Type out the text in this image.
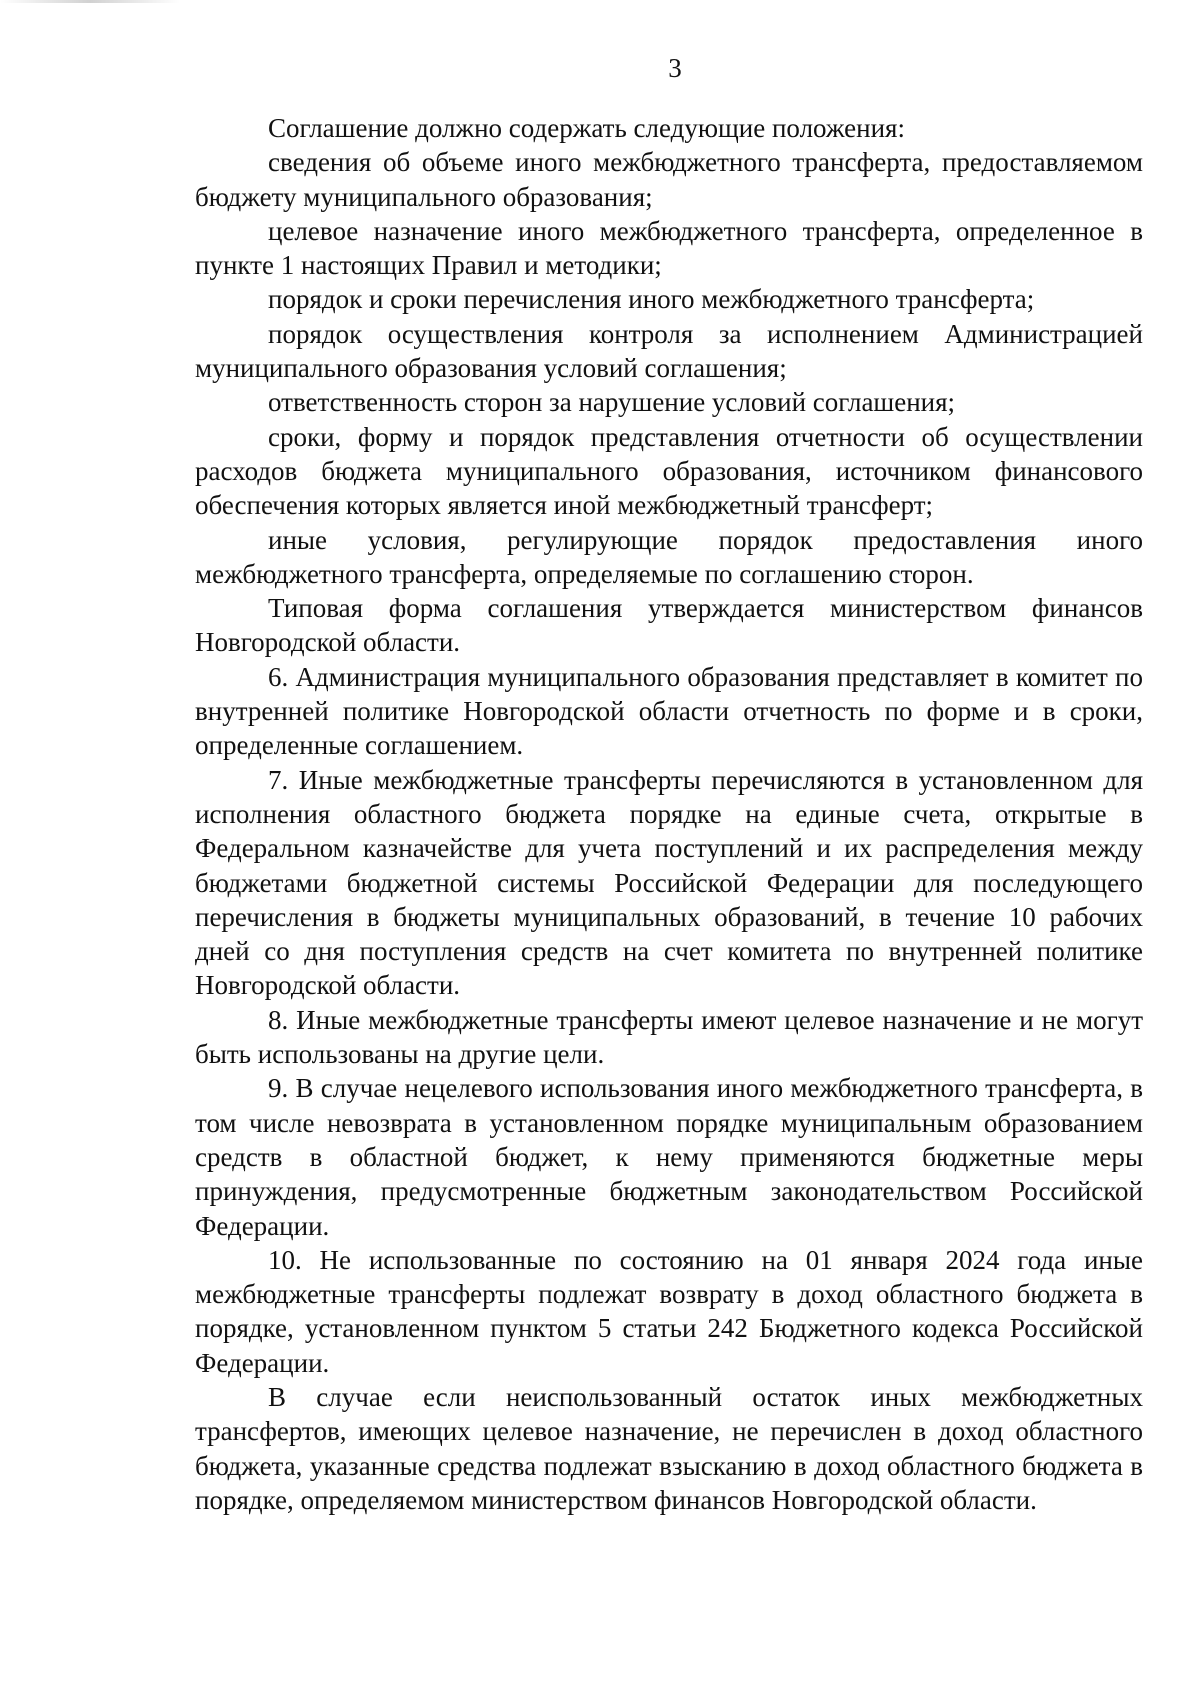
3

Соглашение должно содержать следующие положения:

сведения об объеме иного межбюджетного трансферта, предоставляемом бюджету муниципального образования;

целевое назначение иного межбюджетного трансферта, определенное в пункте 1 настоящих Правил и методики;

порядок и сроки перечисления иного межбюджетного трансферта;

порядок осуществления контроля за исполнением Администрацией муниципального образования условий соглашения;

ответственность сторон за нарушение условий соглашения;

сроки, форму и порядок представления отчетности об осуществлении расходов бюджета муниципального образования, источником финансового обеспечения которых является иной межбюджетный трансферт;

иные условия, регулирующие порядок предоставления иного межбюджетного трансферта, определяемые по соглашению сторон.

Типовая форма соглашения утверждается министерством финансов Новгородской области.

6. Администрация муниципального образования представляет в комитет по внутренней политике Новгородской области отчетность по форме и в сроки, определенные соглашением.

7. Иные межбюджетные трансферты перечисляются в установленном для исполнения областного бюджета порядке на единые счета, открытые в Федеральном казначействе для учета поступлений и их распределения между бюджетами бюджетной системы Российской Федерации для последующего перечисления в бюджеты муниципальных образований, в течение 10 рабочих дней со дня поступления средств на счет комитета по внутренней политике Новгородской области.

8. Иные межбюджетные трансферты имеют целевое назначение и не могут быть использованы на другие цели.

9. В случае нецелевого использования иного межбюджетного трансферта, в том числе невозврата в установленном порядке муниципальным образованием средств в областной бюджет, к нему применяются бюджетные меры принуждения, предусмотренные бюджетным законодательством Российской Федерации.

10. Не использованные по состоянию на 01 января 2024 года иные межбюджетные трансферты подлежат возврату в доход областного бюджета в порядке, установленном пунктом 5 статьи 242 Бюджетного кодекса Российской Федерации.

В случае если неиспользованный остаток иных межбюджетных трансфертов, имеющих целевое назначение, не перечислен в доход областного бюджета, указанные средства подлежат взысканию в доход областного бюджета в порядке, определяемом министерством финансов Новгородской области.
